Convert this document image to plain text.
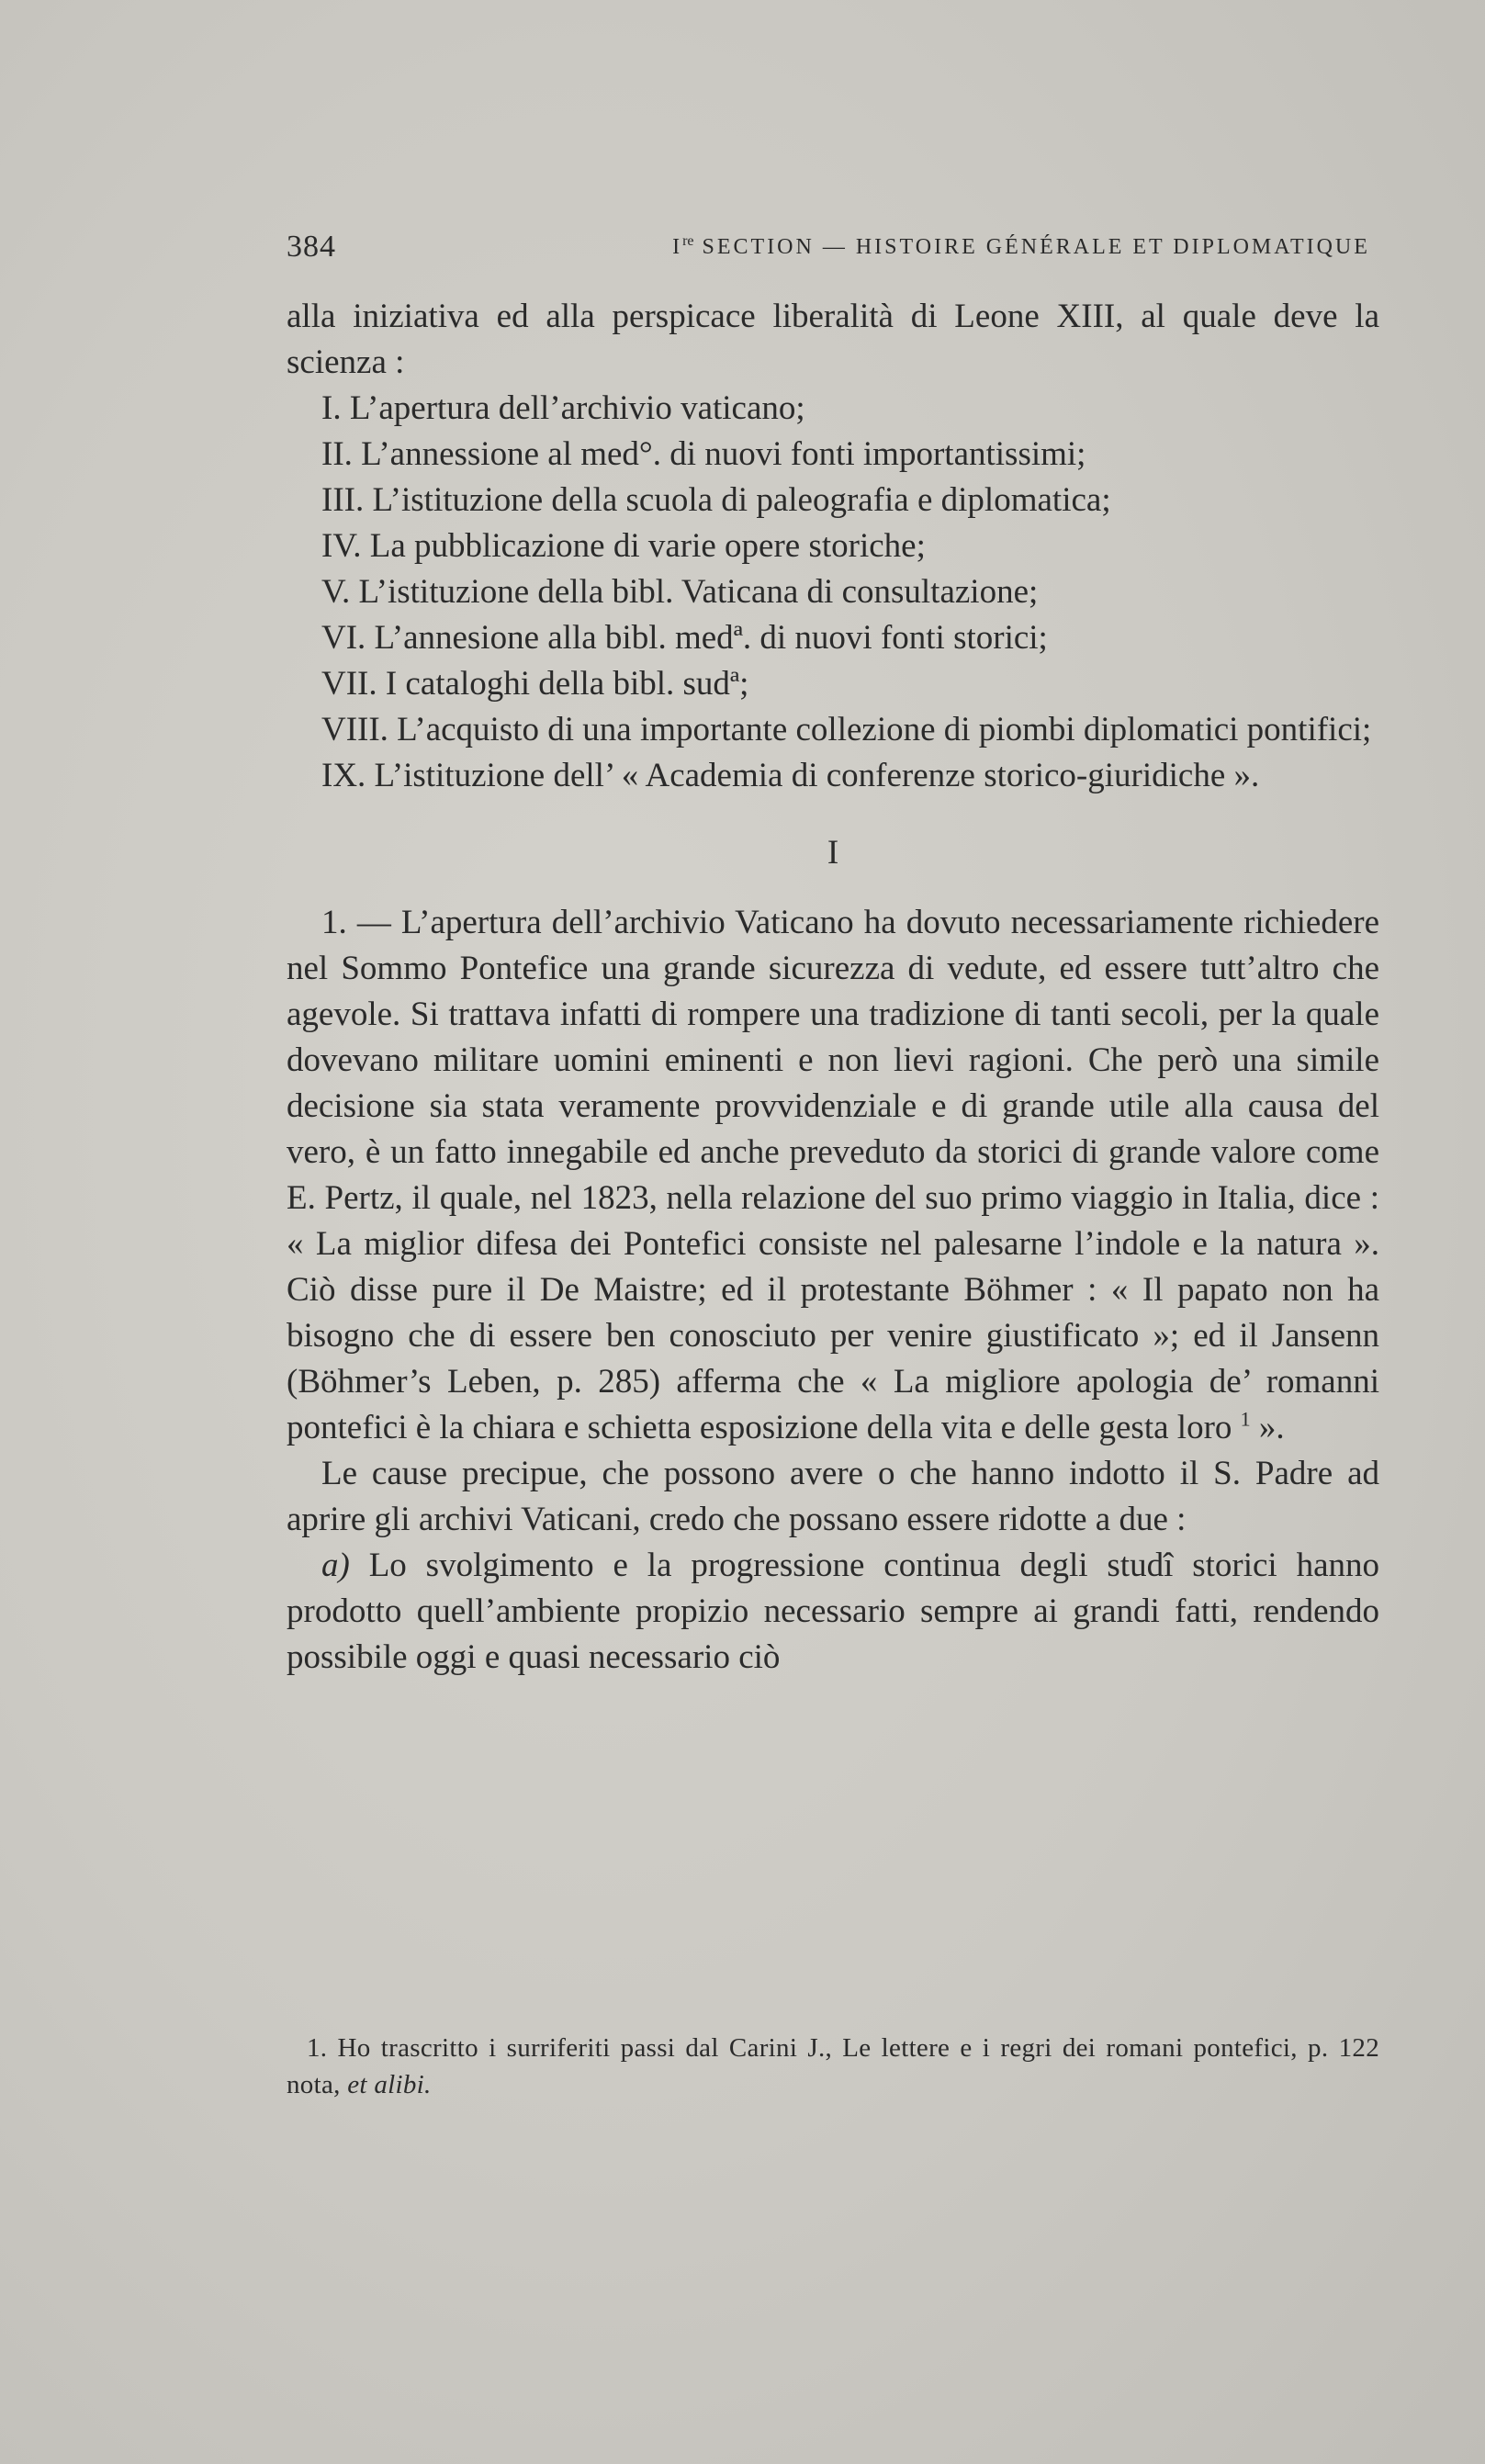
384	Ire SECTION — HISTOIRE GÉNÉRALE ET DIPLOMATIQUE

alla iniziativa ed alla perspicace liberalità di Leone XIII, al quale deve la scienza :

I. L’apertura dell’archivio vaticano;

II. L’annessione al med°. di nuovi fonti importantissimi;

III. L’istituzione della scuola di paleografia e diplomatica;

IV. La pubblicazione di varie opere storiche;

V. L’istituzione della bibl. Vaticana di consultazione;

VI. L’annesione alla bibl. medª. di nuovi fonti storici;

VII. I cataloghi della bibl. sudª;

VIII. L’acquisto di una importante collezione di piombi diplomatici pontifici;

IX. L’istituzione dell’ « Academia di conferenze storico-giuridiche ».

I

1. — L’apertura dell’archivio Vaticano ha dovuto necessariamente richiedere nel Sommo Pontefice una grande sicurezza di vedute, ed essere tutt’altro che agevole. Si trattava infatti di rompere una tradizione di tanti secoli, per la quale dovevano militare uomini eminenti e non lievi ragioni. Che però una simile decisione sia stata veramente provvidenziale e di grande utile alla causa del vero, è un fatto innegabile ed anche preveduto da storici di grande valore come E. Pertz, il quale, nel 1823, nella relazione del suo primo viaggio in Italia, dice : « La miglior difesa dei Pontefici consiste nel palesarne l’indole e la natura ». Ciò disse pure il De Maistre; ed il protestante Böhmer : « Il papato non ha bisogno che di essere ben conosciuto per venire giustificato »; ed il Jansenn (Böhmer’s Leben, p. 285) afferma che « La migliore apologia de’ romanni pontefici è la chiara e schietta esposizione della vita e delle gesta loro $^1$ ».

Le cause precipue, che possono avere o che hanno indotto il S. Padre ad aprire gli archivi Vaticani, credo che possano essere ridotte a due :

a) Lo svolgimento e la progressione continua degli studî storici hanno prodotto quell’ambiente propizio necessario sempre ai grandi fatti, rendendo possibile oggi e quasi necessario ciò

1. Ho trascritto i surriferiti passi dal Carini J., Le lettere e i regri dei romani pontefici, p. 122 nota, et alibi.
